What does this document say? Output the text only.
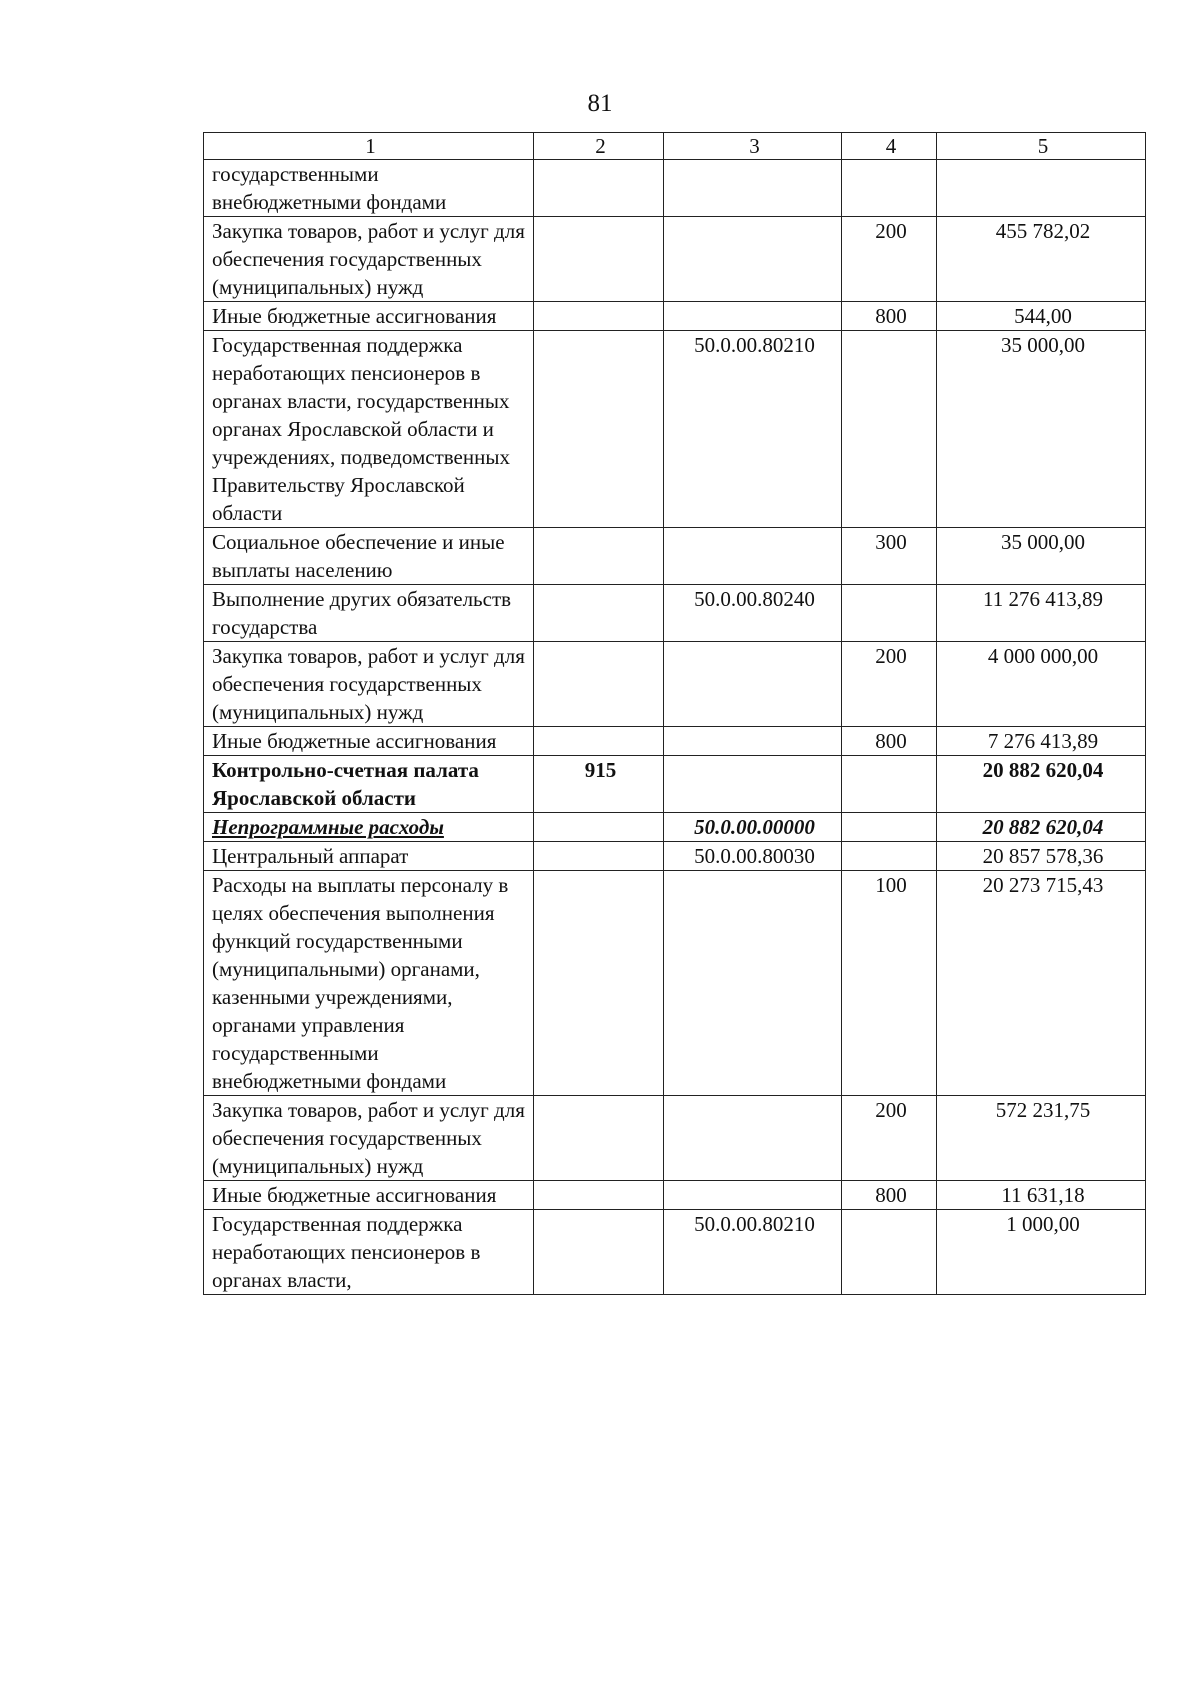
81
1	2	3	4	5
государственными внебюджетными фондами				
Закупка товаров, работ и услуг для обеспечения государственных (муниципальных) нужд			200	455 782,02
Иные бюджетные ассигнования			800	544,00
Государственная поддержка неработающих пенсионеров в органах власти, государственных органах Ярославской области и учреждениях, подведомственных Правительству Ярославской области		50.0.00.80210		35 000,00
Социальное обеспечение и иные выплаты населению			300	35 000,00
Выполнение других обязательств государства		50.0.00.80240		11 276 413,89
Закупка товаров, работ и услуг для обеспечения государственных (муниципальных) нужд			200	4 000 000,00
Иные бюджетные ассигнования			800	7 276 413,89
Контрольно-счетная палата Ярославской области	915			20 882 620,04
Непрограммные расходы		50.0.00.00000		20 882 620,04
Центральный аппарат		50.0.00.80030		20 857 578,36
Расходы на выплаты персоналу в целях обеспечения выполнения функций государственными (муниципальными) органами, казенными учреждениями, органами управления государственными внебюджетными фондами			100	20 273 715,43
Закупка товаров, работ и услуг для обеспечения государственных (муниципальных) нужд			200	572 231,75
Иные бюджетные ассигнования			800	11 631,18
Государственная поддержка неработающих пенсионеров в органах власти,		50.0.00.80210		1 000,00
